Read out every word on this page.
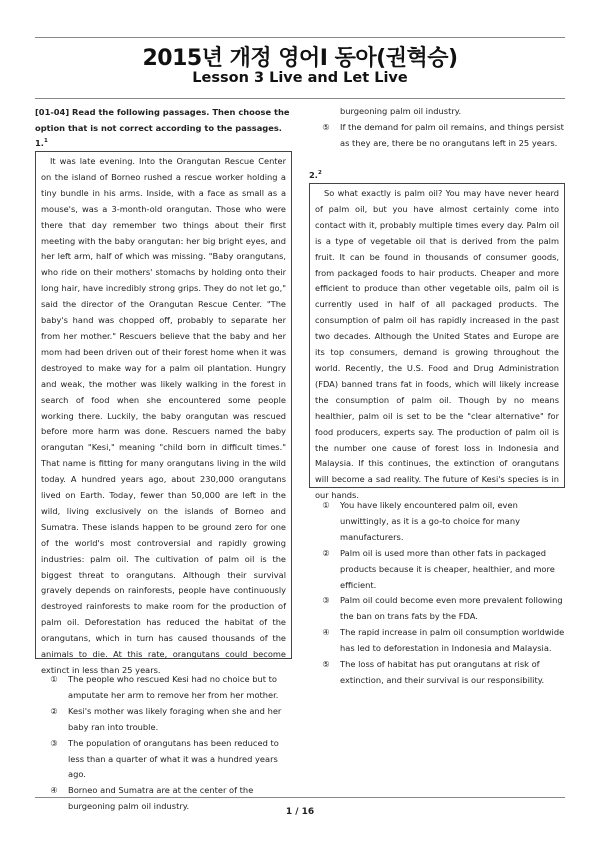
2015년 개정 영어I 동아(권혁승)
Lesson 3 Live and Let Live
[01-04] Read the following passages. Then choose the option that is not correct according to the passages.
1.$^1$

It was late evening. Into the Orangutan Rescue Center on the island of Borneo rushed a rescue worker holding a tiny bundle in his arms. Inside, with a face as small as a mouse's, was a 3-month-old orangutan. Those who were there that day remember two things about their first meeting with the baby orangutan: her big bright eyes, and her left arm, half of which was missing. "Baby orangutans, who ride on their mothers' stomachs by holding onto their long hair, have incredibly strong grips. They do not let go," said the director of the Orangutan Rescue Center. "The baby's hand was chopped off, probably to separate her from her mother." Rescuers believe that the baby and her mom had been driven out of their forest home when it was destroyed to make way for a palm oil plantation. Hungry and weak, the mother was likely walking in the forest in search of food when she encountered some people working there. Luckily, the baby orangutan was rescued before more harm was done. Rescuers named the baby orangutan "Kesi," meaning "child born in difficult times." That name is fitting for many orangutans living in the wild today. A hundred years ago, about 230,000 orangutans lived on Earth. Today, fewer than 50,000 are left in the wild, living exclusively on the islands of Borneo and Sumatra. These islands happen to be ground zero for one of the world's most controversial and rapidly growing industries: palm oil. The cultivation of palm oil is the biggest threat to orangutans. Although their survival gravely depends on rainforests, people have continuously destroyed rainforests to make room for the production of palm oil. Deforestation has reduced the habitat of the orangutans, which in turn has caused thousands of the animals to die. At this rate, orangutans could become extinct in less than 25 years.

①	The people who rescued Kesi had no choice but to amputate her arm to remove her from her mother.
②	Kesi's mother was likely foraging when she and her baby ran into trouble.
③	The population of orangutans has been reduced to less than a quarter of what it was a hundred years ago.
④	Borneo and Sumatra are at the center of the burgeoning palm oil industry.
burgeoning palm oil industry.
⑤	If the demand for palm oil remains, and things persist as they are, there be no orangutans left in 25 years.
2.$^2$

So what exactly is palm oil? You may have never heard of palm oil, but you have almost certainly come into contact with it, probably multiple times every day. Palm oil is a type of vegetable oil that is derived from the palm fruit. It can be found in thousands of consumer goods, from packaged foods to hair products. Cheaper and more efficient to produce than other vegetable oils, palm oil is currently used in half of all packaged products. The consumption of palm oil has rapidly increased in the past two decades. Although the United States and Europe are its top consumers, demand is growing throughout the world. Recently, the U.S. Food and Drug Administration (FDA) banned trans fat in foods, which will likely increase the consumption of palm oil. Though by no means healthier, palm oil is set to be the "clear alternative" for food producers, experts say. The production of palm oil is the number one cause of forest loss in Indonesia and Malaysia. If this continues, the extinction of orangutans will become a sad reality. The future of Kesi's species is in our hands.

①	You have likely encountered palm oil, even unwittingly, as it is a go-to choice for many manufacturers.
②	Palm oil is used more than other fats in packaged products because it is cheaper, healthier, and more efficient.
③	Palm oil could become even more prevalent following the ban on trans fats by the FDA.
④	The rapid increase in palm oil consumption worldwide has led to deforestation in Indonesia and Malaysia.
⑤	The loss of habitat has put orangutans at risk of extinction, and their survival is our responsibility.
1 / 16
